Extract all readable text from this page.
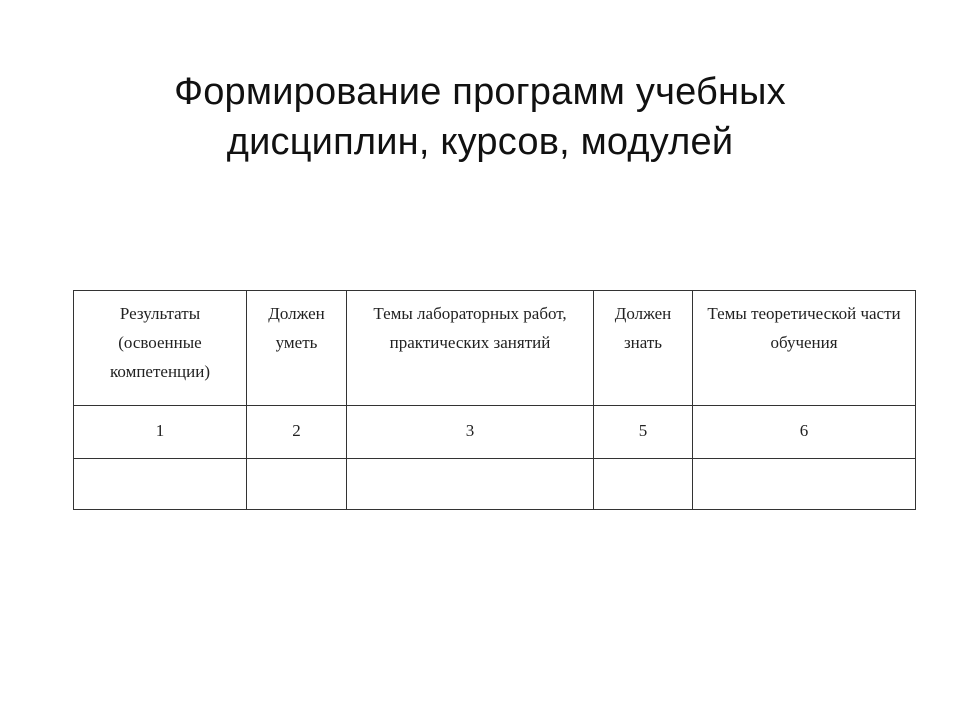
Формирование программ учебных
дисциплин, курсов, модулей
Результаты (освоенные компетенции)	Должен уметь	Темы лабораторных работ, практических занятий	Должен знать	Темы теоретической части обучения
1	2	3	5	6
